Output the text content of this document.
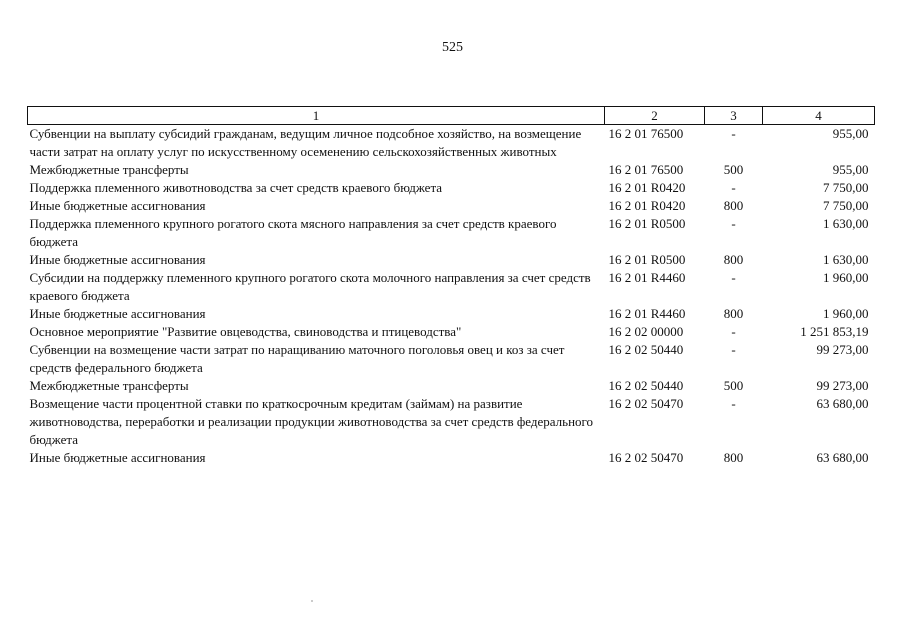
525
1	2	3	4
Субвенции на выплату субсидий гражданам, ведущим личное подсобное хозяйство, на возмещение части затрат на оплату услуг по искусственному осеменению сельскохозяйственных животных	16 2 01 76500	-	955,00
Межбюджетные трансферты	16 2 01 76500	500	955,00
Поддержка племенного животноводства за счет средств краевого бюджета	16 2 01 R0420	-	7 750,00
Иные бюджетные ассигнования	16 2 01 R0420	800	7 750,00
Поддержка племенного крупного рогатого скота мясного направления за счет средств краевого бюджета	16 2 01 R0500	-	1 630,00
Иные бюджетные ассигнования	16 2 01 R0500	800	1 630,00
Субсидии на поддержку племенного крупного рогатого скота молочного направления за счет средств краевого бюджета	16 2 01 R4460	-	1 960,00
Иные бюджетные ассигнования	16 2 01 R4460	800	1 960,00
Основное мероприятие "Развитие овцеводства, свиноводства и птицеводства"	16 2 02 00000	-	1 251 853,19
Субвенции на возмещение части затрат по наращиванию маточного поголовья овец и коз за счет средств федерального бюджета	16 2 02 50440	-	99 273,00
Межбюджетные трансферты	16 2 02 50440	500	99 273,00
Возмещение части процентной ставки по краткосрочным кредитам (займам) на развитие животноводства, переработки и реализации продукции животноводства за счет средств федерального бюджета	16 2 02 50470	-	63 680,00
Иные бюджетные ассигнования	16 2 02 50470	800	63 680,00
